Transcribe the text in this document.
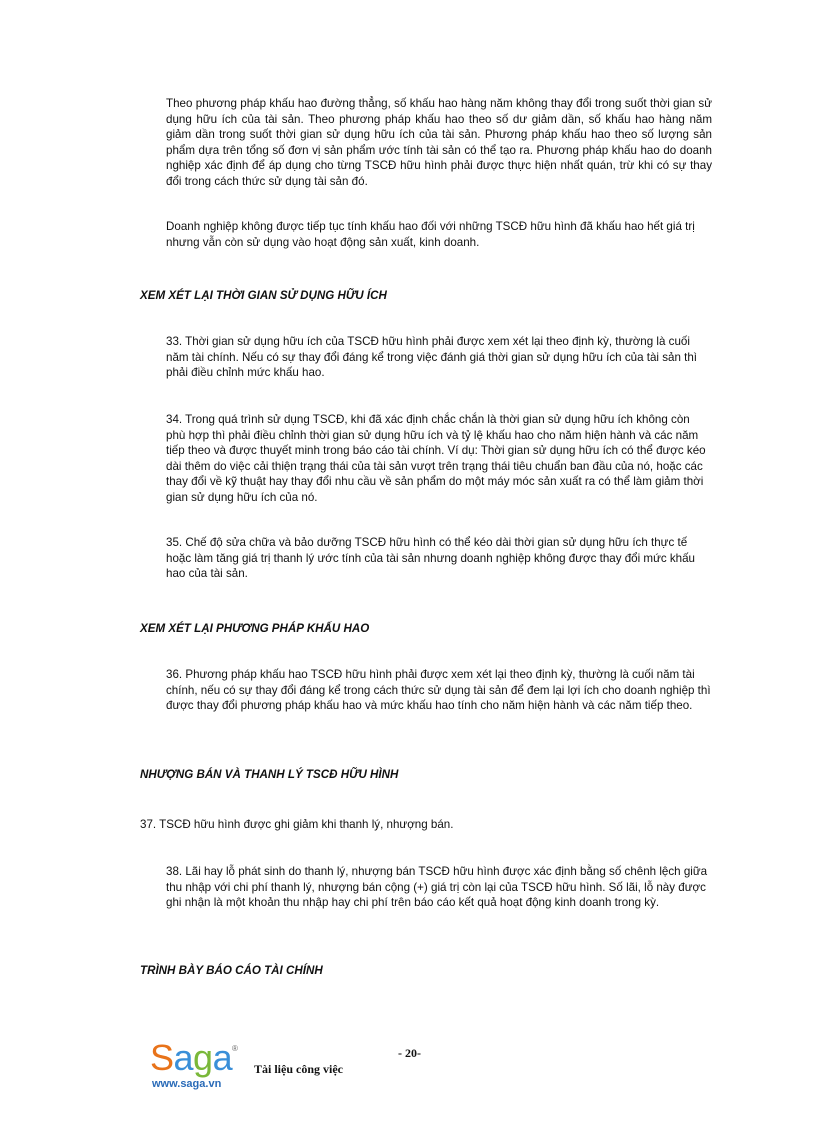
Theo phương pháp khấu hao đường thẳng, số khấu hao hàng năm không thay đổi trong suốt thời gian sử dụng hữu ích của tài sản. Theo phương pháp khấu hao theo số dư giảm dần, số khấu hao hàng năm giảm dần trong suốt thời gian sử dụng hữu ích của tài sản. Phương pháp khấu hao theo số lượng sản phẩm dựa trên tổng số đơn vị sản phẩm ước tính tài sản có thể tạo ra. Phương pháp khấu hao do doanh nghiệp xác định để áp dụng cho từng TSCĐ hữu hình phải được thực hiện nhất quán, trừ khi có sự thay đổi trong cách thức sử dụng tài sản đó.

Doanh nghiệp không được tiếp tục tính khấu hao đối với những TSCĐ hữu hình đã khấu hao hết giá trị nhưng vẫn còn sử dụng vào hoạt động sản xuất, kinh doanh.

XEM XÉT LẠI THỜI GIAN SỬ DỤNG HỮU ÍCH

33. Thời gian sử dụng hữu ích của TSCĐ hữu hình phải được xem xét lại theo định kỳ, thường là cuối năm tài chính. Nếu có sự thay đổi đáng kể trong việc đánh giá thời gian sử dụng hữu ích của tài sản thì phải điều chỉnh mức khấu hao.

34. Trong quá trình sử dụng TSCĐ, khi đã xác định chắc chắn là thời gian sử dụng hữu ích không còn phù hợp thì phải điều chỉnh thời gian sử dụng hữu ích và tỷ lệ khấu hao cho năm hiện hành và các năm tiếp theo và được thuyết minh trong báo cáo tài chính. Ví dụ: Thời gian sử dụng hữu ích có thể được kéo dài thêm do việc cải thiện trạng thái của tài sản vượt trên trạng thái tiêu chuẩn ban đầu của nó, hoặc các thay đổi về kỹ thuật hay thay đổi nhu cầu về sản phẩm do một máy móc sản xuất ra có thể làm giảm thời gian sử dụng hữu ích của nó.

35. Chế độ sửa chữa và bảo dưỡng TSCĐ hữu hình có thể kéo dài thời gian sử dụng hữu ích thực tế hoặc làm tăng giá trị thanh lý ước tính của tài sản nhưng doanh nghiệp không được thay đổi mức khấu hao của tài sản.

XEM XÉT LẠI PHƯƠNG PHÁP KHẤU HAO

36. Phương pháp khấu hao TSCĐ hữu hình phải được xem xét lại theo định kỳ, thường là cuối năm tài chính, nếu có sự thay đổi đáng kể trong cách thức sử dụng tài sản để đem lại lợi ích cho doanh nghiệp thì được thay đổi phương pháp khấu hao và mức khấu hao tính cho năm hiện hành và các năm tiếp theo.

NHƯỢNG BÁN VÀ THANH LÝ TSCĐ HỮU HÌNH

37. TSCĐ hữu hình được ghi giảm khi thanh lý, nhượng bán.

38. Lãi hay lỗ phát sinh do thanh lý, nhượng bán TSCĐ hữu hình được xác định bằng số chênh lệch giữa thu nhập với chi phí thanh lý, nhượng bán cộng (+) giá trị còn lại của TSCĐ hữu hình. Số lãi, lỗ này được ghi nhận là một khoản thu nhập hay chi phí trên báo cáo kết quả hoạt động kinh doanh trong kỳ.

TRÌNH BÀY BÁO CÁO TÀI CHÍNH
- 20-
Saga ®
www.saga.vn
Tài liệu công việc
